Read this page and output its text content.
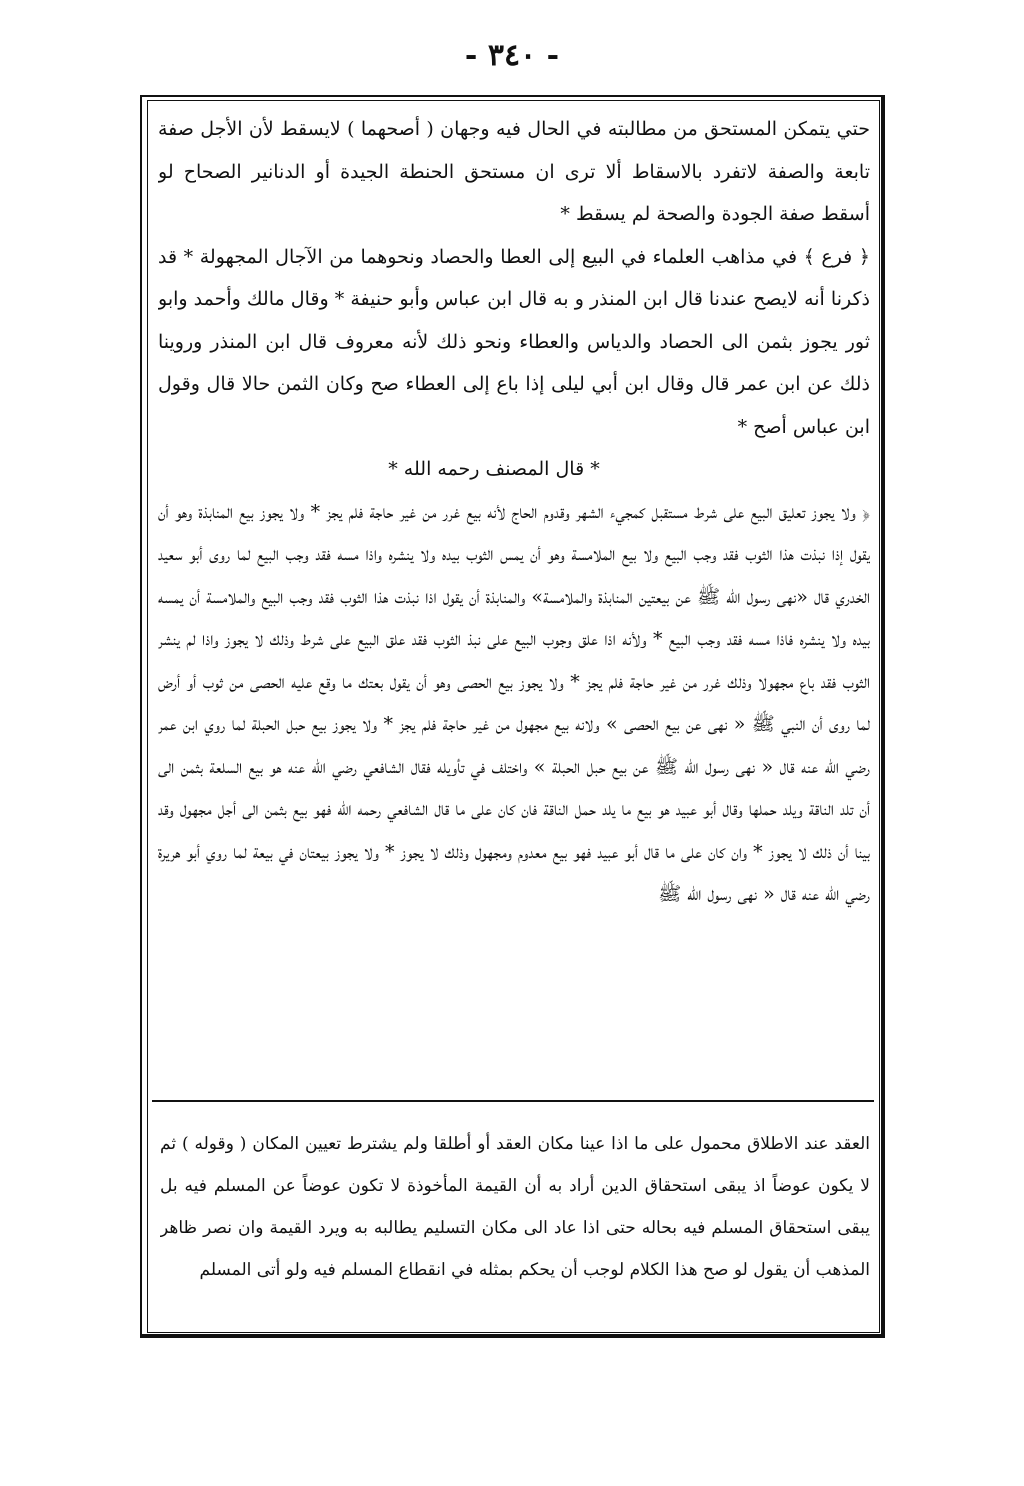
- ٣٤٠ -

حتي يتمكن المستحق من مطالبته في الحال فيه وجهان ( أصحهما ) لايسقط لأن الأجل صفة تابعة والصفة لاتفرد بالاسقاط ألا ترى ان مستحق الحنطة الجيدة أو الدنانير الصحاح لو أسقط صفة الجودة والصحة لم يسقط *

﴿ فرع ﴾ في مذاهب العلماء في البيع إلى العطا والحصاد ونحوهما من الآجال المجهولة * قد ذكرنا أنه لايصح عندنا قال ابن المنذر و به قال ابن عباس وأبو حنيفة * وقال مالك وأحمد وابو ثور يجوز بثمن الى الحصاد والدياس والعطاء ونحو ذلك لأنه معروف قال ابن المنذر وروينا ذلك عن ابن عمر قال وقال ابن أبي ليلى إذا باع إلى العطاء صح وكان الثمن حالا قال وقول ابن عباس أصح *

* قال المصنف رحمه الله *

﴿ ولا يجوز تعليق البيع على شرط مستقبل كمجيء الشهر وقدوم الحاج لأنه بيع غرر من غير حاجة فلم يجز * ولا يجوز بيع المنابذة وهو أن يقول إذا نبذت هذا الثوب فقد وجب البيع ولا بيع الملامسة وهو أن يمس الثوب بيده ولا ينشره واذا مسه فقد وجب البيع لما روى أبو سعيد الخدري قال «نهى رسول الله ﷺ عن بيعتين المنابذة والملامسة» والمنابذة أن يقول اذا نبذت هذا الثوب فقد وجب البيع والملامسة أن يمسه بيده ولا ينشره فاذا مسه فقد وجب البيع * ولأنه اذا علق وجوب البيع على نبذ الثوب فقد علق البيع على شرط وذلك لا يجوز واذا لم ينشر الثوب فقد باع مجهولا وذلك غرر من غير حاجة فلم يجز * ولا يجوز بيع الحصى وهو أن يقول بعتك ما وقع عليه الحصى من ثوب أو أرض لما روى أن النبي ﷺ « نهى عن بيع الحصى » ولانه بيع مجهول من غير حاجة فلم يجز * ولا يجوز بيع حبل الحبلة لما روي ابن عمر رضي الله عنه قال « نهى رسول الله ﷺ عن بيع حبل الحبلة » واختلف في تأويله فقال الشافعي رضي الله عنه هو بيع السلعة بثمن الى أن تلد الناقة ويلد حملها وقال أبو عبيد هو بيع ما يلد حمل الناقة فان كان على ما قال الشافعي رحمه الله فهو بيع بثمن الى أجل مجهول وقد بينا أن ذلك لا يجوز * وان كان على ما قال أبو عبيد فهو بيع معدوم ومجهول وذلك لا يجوز * ولا يجوز بيعتان في بيعة لما روي أبو هريرة رضي الله عنه قال « نهى رسول الله ﷺ

العقد عند الاطلاق محمول على ما اذا عينا مكان العقد أو أطلقا ولم يشترط تعيين المكان ( وقوله ) ثم لا يكون عوضاً اذ يبقى استحقاق الدين أراد به أن القيمة المأخوذة لا تكون عوضاً عن المسلم فيه بل يبقى استحقاق المسلم فيه بحاله حتى اذا عاد الى مكان التسليم يطالبه به ويرد القيمة وان نصر ظاهر المذهب أن يقول لو صح هذا الكلام لوجب أن يحكم بمثله في انقطاع المسلم فيه ولو أتى المسلم
